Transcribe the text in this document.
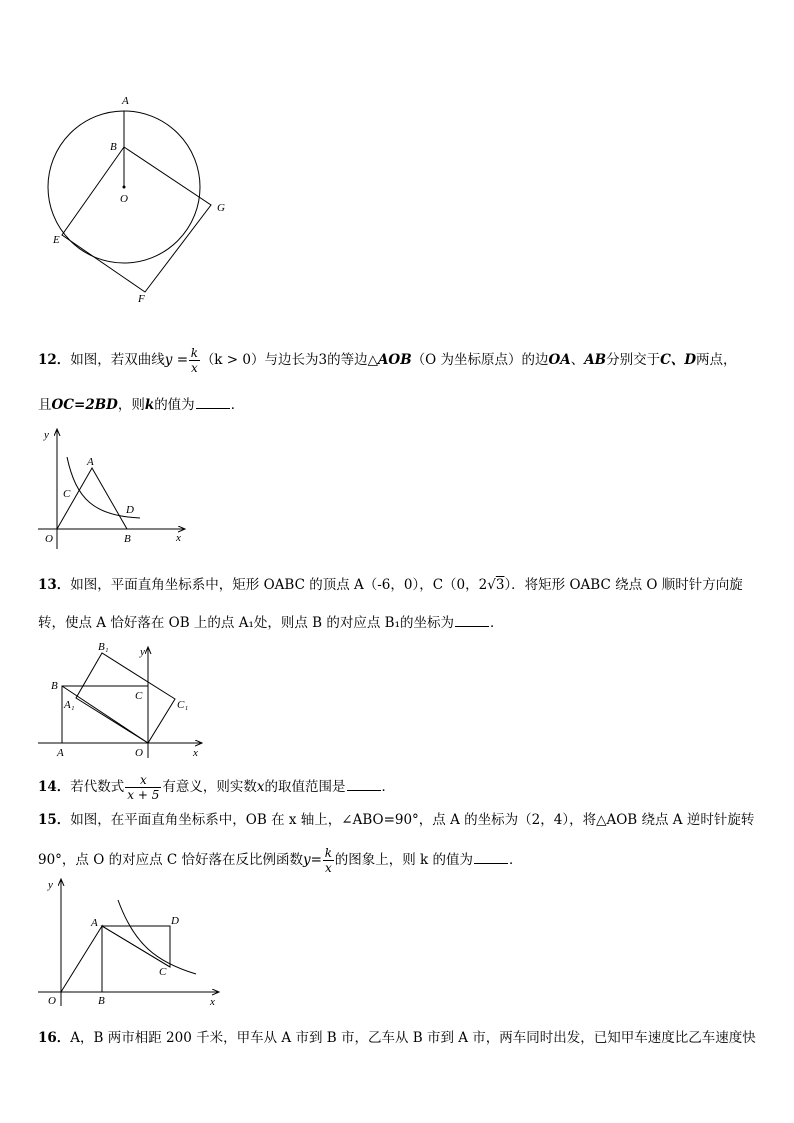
A
B
O
G
E
F
12．如图，若双曲线$y = \frac{k}{x} (k > 0)$与边长为3的等边△AOB（O 为坐标原点）的边OA、AB分别交于C、D两点，
且OC=2BD，则k的值为	．
y
A
C
D
O	B	x
13．如图，平面直角坐标系中，矩形 OABC 的顶点 A（-6，0），C（0，2√3）．将矩形 OABC 绕点 O 顺时针方向旋
转，使点 A 恰好落在 OB 上的点 A₁处，则点 B 的对应点 B₁的坐标为	．
B₁	y
B
C
C₁
A₁
A	O	x
14．若代数式 $\frac{x}{x + 5}$ 有意义，则实数x的取值范围是	．
15．如图，在平面直角坐标系中，OB 在 x 轴上，∠ABO=90°，点 A 的坐标为（2，4），将△AOB 绕点 A 逆时针旋转
90°，点 O 的对应点 C 恰好落在反比例函数$y= \frac{k}{x}$ 的图象上，则 k 的值为	．
y
A	D
C
O	B	x
16．A，B 两市相距 200 千米，甲车从 A 市到 B 市，乙车从 B 市到 A 市，两车同时出发，已知甲车速度比乙车速度快
